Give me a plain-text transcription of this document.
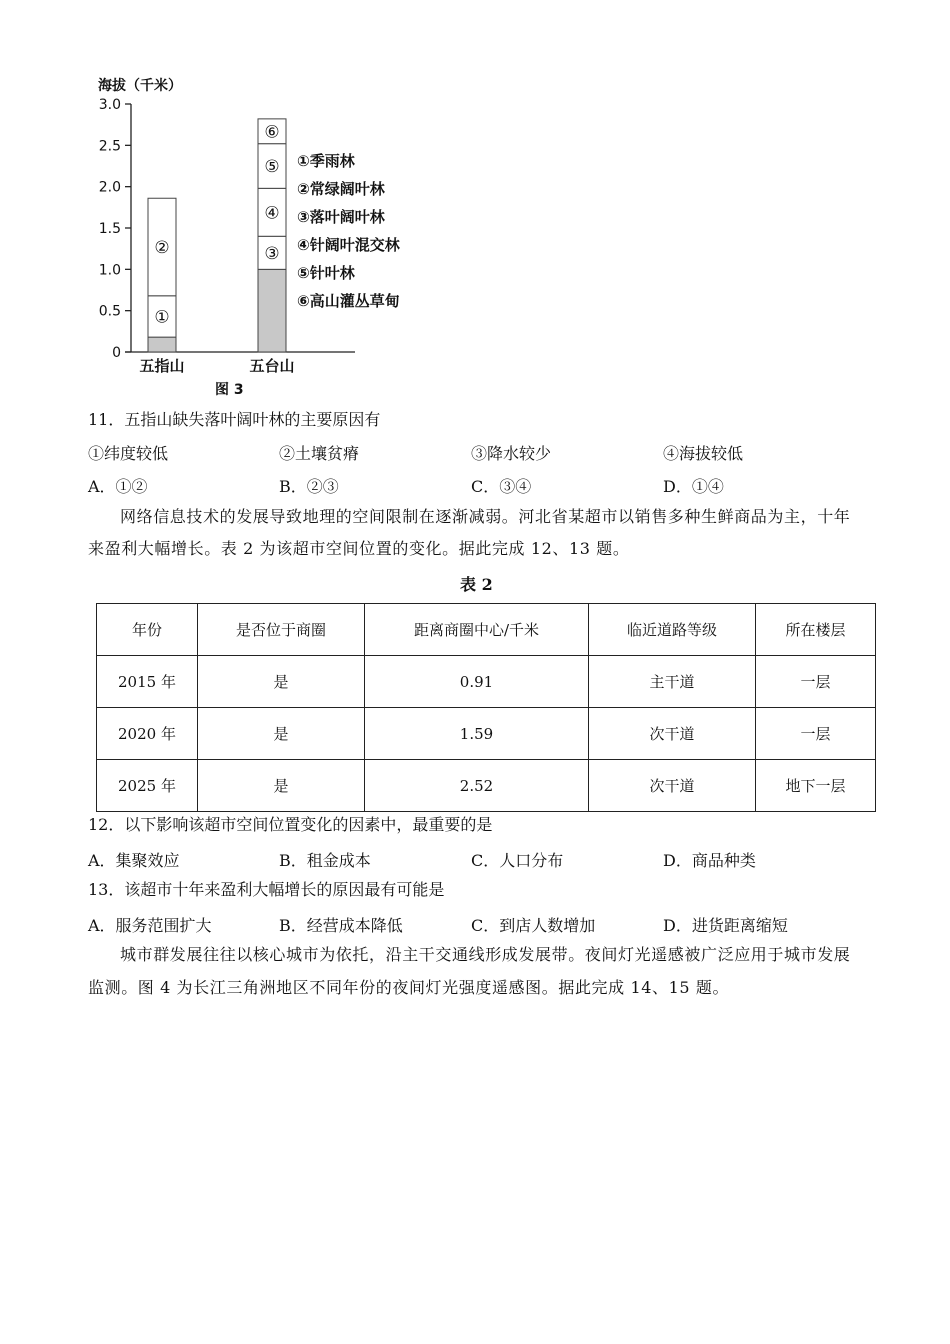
海拔（千米）
0
0.5
1.0
1.5
2.0
2.5
3.0
①
②	③
④
⑤
⑥
①季雨林
②常绿阔叶林
③落叶阔叶林
④针阔叶混交林
⑤针叶林
⑥高山灌丛草甸
五指山	五台山
图 3
11．五指山缺失落叶阔叶林的主要原因有
①纬度较低	②土壤贫瘠	③降水较少	④海拔较低
A．①②	B．②③	C．③④	D．①④
网络信息技术的发展导致地理的空间限制在逐渐减弱。河北省某超市以销售多种生鲜商品为主，十年
来盈利大幅增长。表 2 为该超市空间位置的变化。据此完成 12、13 题。
表 2
年份	是否位于商圈	距离商圈中心/千米	临近道路等级	所在楼层
2015 年	是	0.91	主干道	一层
2020 年	是	1.59	次干道	一层
2025 年	是	2.52	次干道	地下一层
12．以下影响该超市空间位置变化的因素中，最重要的是
A．集聚效应	B．租金成本	C．人口分布	D．商品种类
13．该超市十年来盈利大幅增长的原因最有可能是
A．服务范围扩大	B．经营成本降低	C．到店人数增加	D．进货距离缩短
城市群发展往往以核心城市为依托，沿主干交通线形成发展带。夜间灯光遥感被广泛应用于城市发展
监测。图 4 为长江三角洲地区不同年份的夜间灯光强度遥感图。据此完成 14、15 题。
